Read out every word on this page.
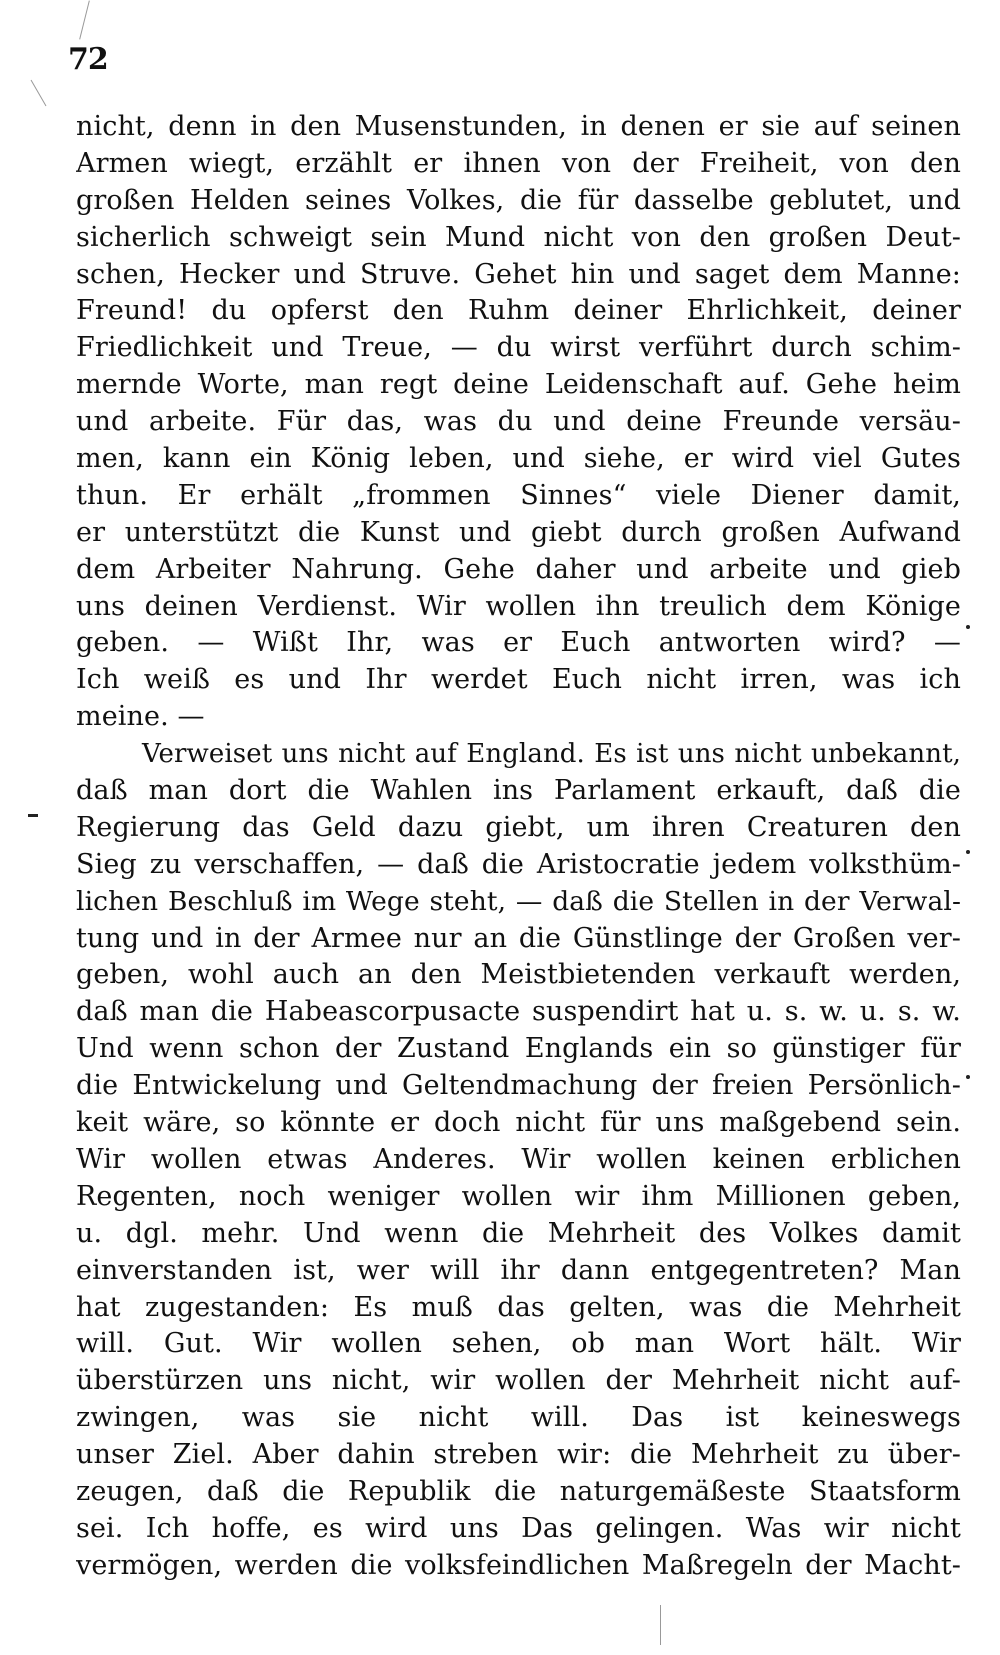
72
nicht, denn in den Musenstunden, in denen er sie auf seinen
Armen wiegt, erzählt er ihnen von der Freiheit, von den
großen Helden seines Volkes, die für dasselbe geblutet, und
sicherlich schweigt sein Mund nicht von den großen Deut-
schen, Hecker und Struve. Gehet hin und saget dem Manne:
Freund! du opferst den Ruhm deiner Ehrlichkeit, deiner
Friedlichkeit und Treue, — du wirst verführt durch schim-
mernde Worte, man regt deine Leidenschaft auf. Gehe heim
und arbeite. Für das, was du und deine Freunde versäu-
men, kann ein König leben, und siehe, er wird viel Gutes
thun. Er erhält „frommen Sinnes“ viele Diener damit,
er unterstützt die Kunst und giebt durch großen Aufwand
dem Arbeiter Nahrung. Gehe daher und arbeite und gieb
uns deinen Verdienst. Wir wollen ihn treulich dem Könige
geben. — Wißt Ihr, was er Euch antworten wird? —
Ich weiß es und Ihr werdet Euch nicht irren, was ich
meine. —
Verweiset uns nicht auf England. Es ist uns nicht unbekannt,
daß man dort die Wahlen ins Parlament erkauft, daß die
Regierung das Geld dazu giebt, um ihren Creaturen den
Sieg zu verschaffen, — daß die Aristocratie jedem volksthüm-
lichen Beschluß im Wege steht, — daß die Stellen in der Verwal-
tung und in der Armee nur an die Günstlinge der Großen ver-
geben, wohl auch an den Meistbietenden verkauft werden,
daß man die Habeascorpusacte suspendirt hat u. s. w. u. s. w.
Und wenn schon der Zustand Englands ein so günstiger für
die Entwickelung und Geltendmachung der freien Persönlich-
keit wäre, so könnte er doch nicht für uns maßgebend sein.
Wir wollen etwas Anderes. Wir wollen keinen erblichen
Regenten, noch weniger wollen wir ihm Millionen geben,
u. dgl. mehr. Und wenn die Mehrheit des Volkes damit
einverstanden ist, wer will ihr dann entgegentreten? Man
hat zugestanden: Es muß das gelten, was die Mehrheit
will. Gut. Wir wollen sehen, ob man Wort hält. Wir
überstürzen uns nicht, wir wollen der Mehrheit nicht auf-
zwingen, was sie nicht will. Das ist keineswegs
unser Ziel. Aber dahin streben wir: die Mehrheit zu über-
zeugen, daß die Republik die naturgemäßeste Staatsform
sei. Ich hoffe, es wird uns Das gelingen. Was wir nicht
vermögen, werden die volksfeindlichen Maßregeln der Macht-
